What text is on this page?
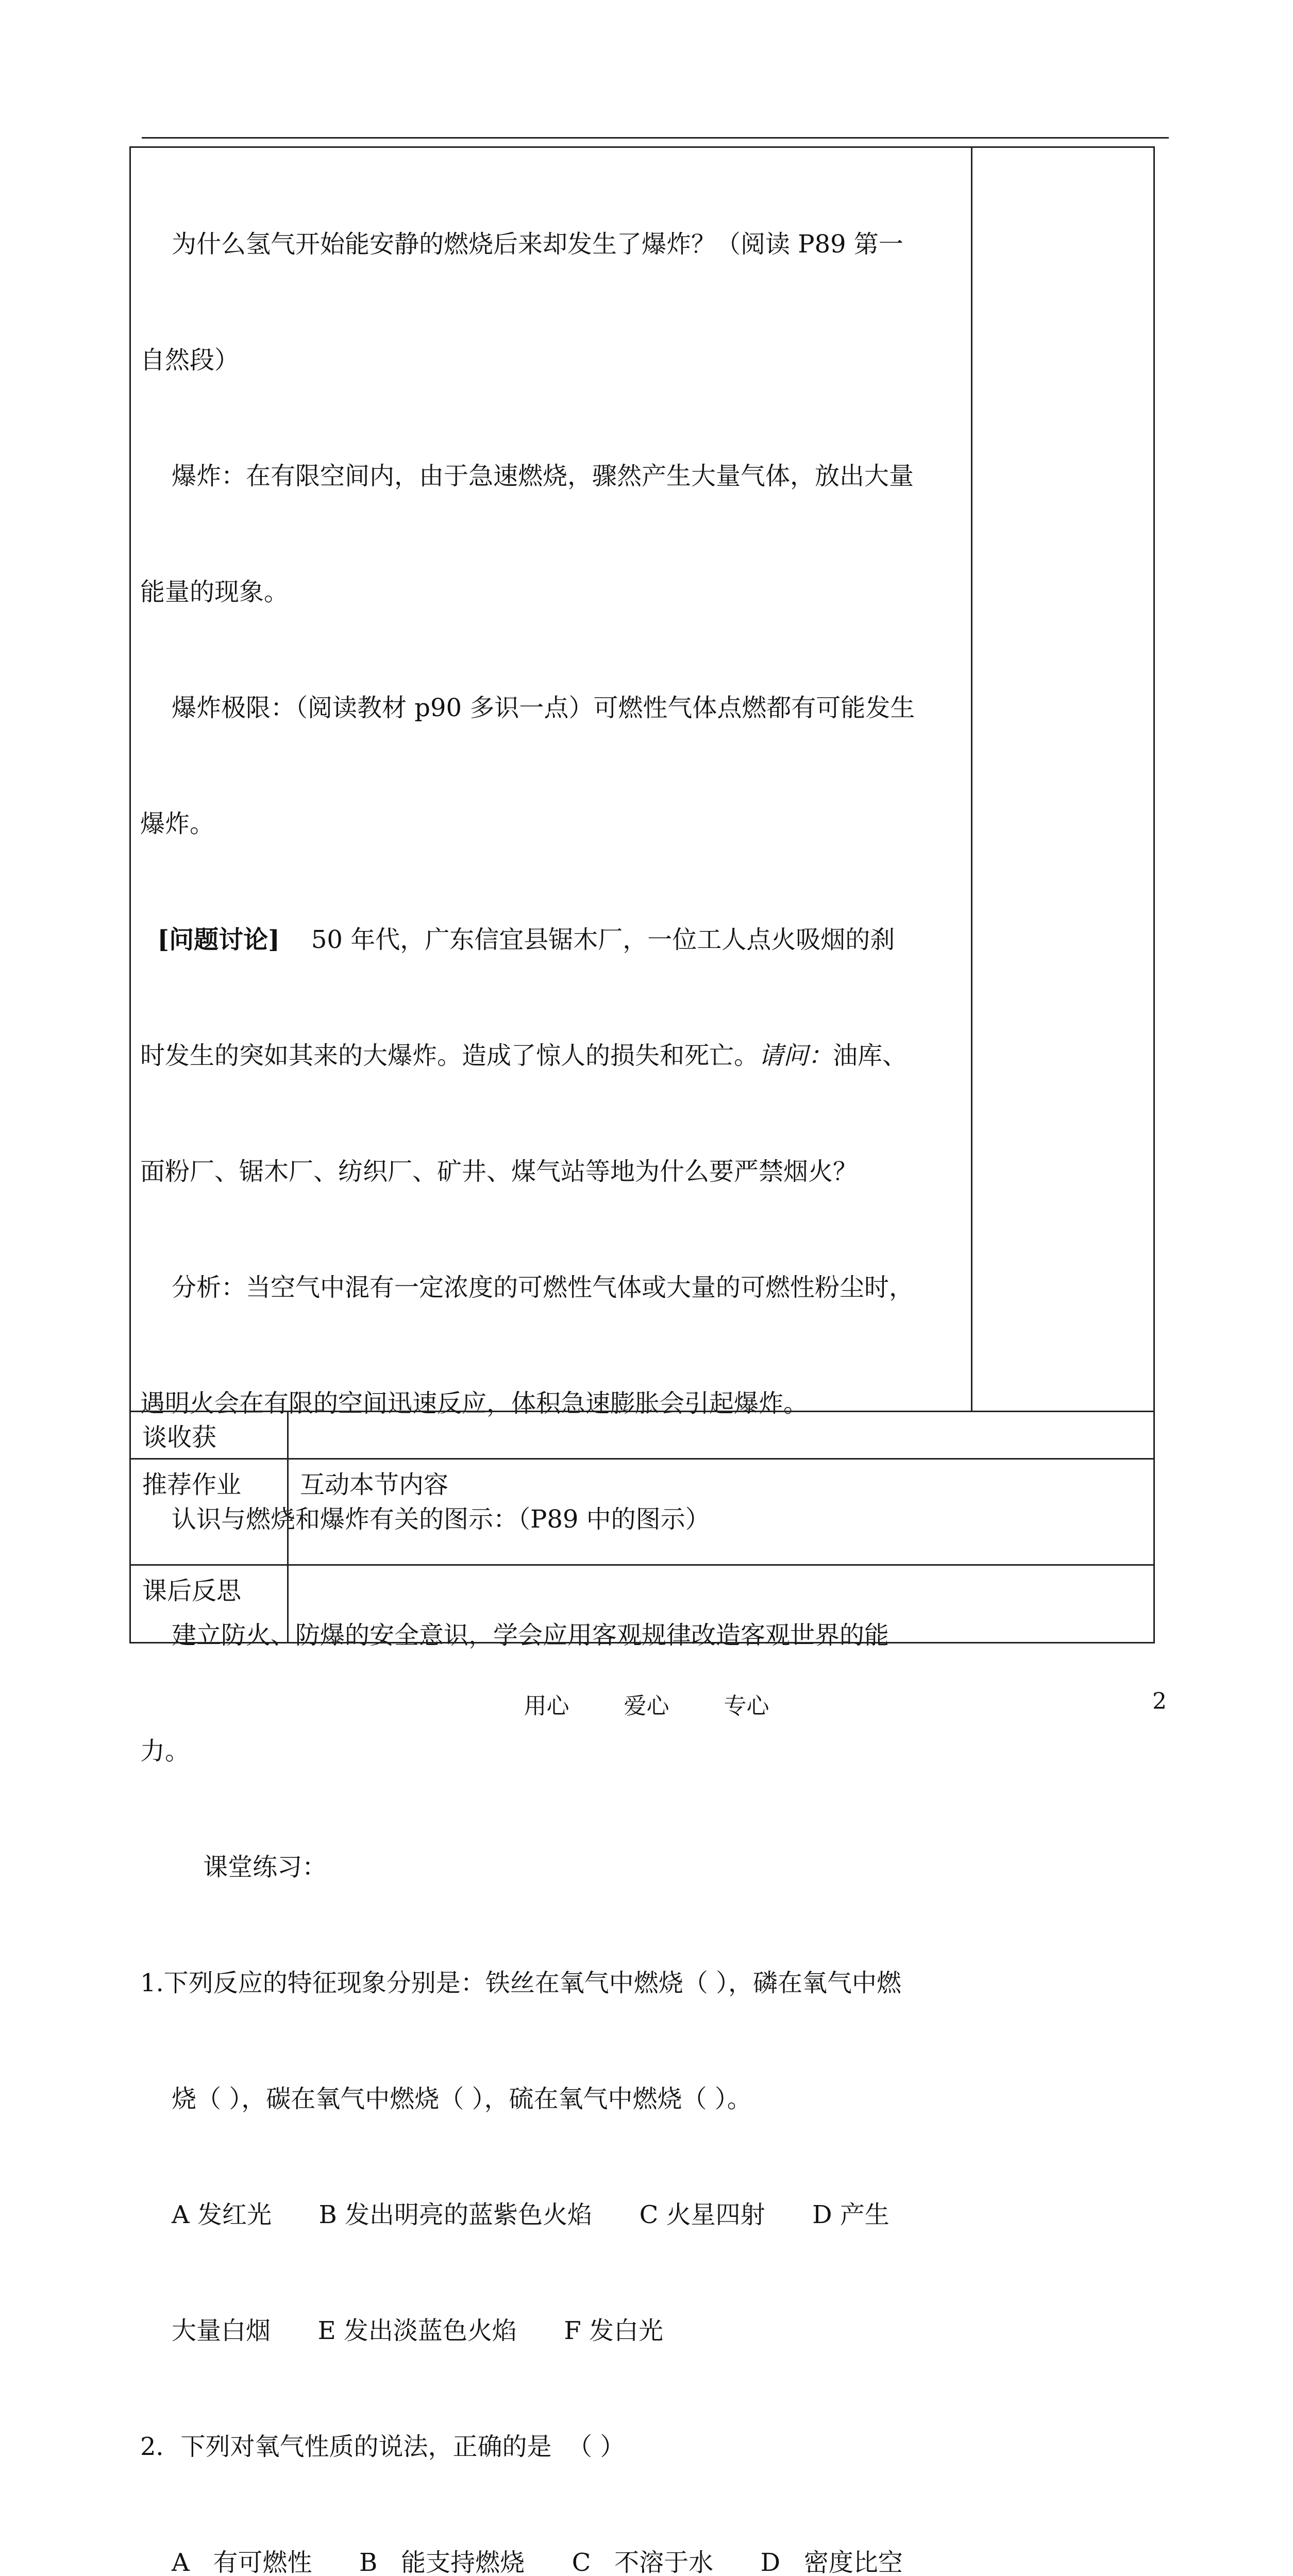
为什么氢气开始能安静的燃烧后来却发生了爆炸？（阅读 P89 第一

自然段）

爆炸：在有限空间内，由于急速燃烧，骤然产生大量气体，放出大量

能量的现象。

爆炸极限：（阅读教材 p90 多识一点）可燃性气体点燃都有可能发生

爆炸。

[问题讨论]    50 年代，广东信宜县锯木厂，一位工人点火吸烟的刹

时发生的突如其来的大爆炸。造成了惊人的损失和死亡。请问：油库、

面粉厂、锯木厂、纺织厂、矿井、煤气站等地为什么要严禁烟火？

分析：当空气中混有一定浓度的可燃性气体或大量的可燃性粉尘时，

遇明火会在有限的空间迅速反应，体积急速膨胀会引起爆炸。

认识与燃烧和爆炸有关的图示：（P89 中的图示）

建立防火、防爆的安全意识，学会应用客观规律改造客观世界的能

力。

课堂练习：

1.下列反应的特征现象分别是：铁丝在氧气中燃烧（ ），磷在氧气中燃

烧（ ），碳在氧气中燃烧（ ），硫在氧气中燃烧（ ）。

A 发红光      B 发出明亮的蓝紫色火焰      C 火星四射      D 产生

大量白烟      E 发出淡蓝色火焰      F 发白光

2．下列对氧气性质的说法，正确的是  （ ）

A   有可燃性      B   能支持燃烧      C   不溶于水      D   密度比空

谈收获	
推荐作业	互动本节内容
课后反思	
用心 爱心 专心	2
